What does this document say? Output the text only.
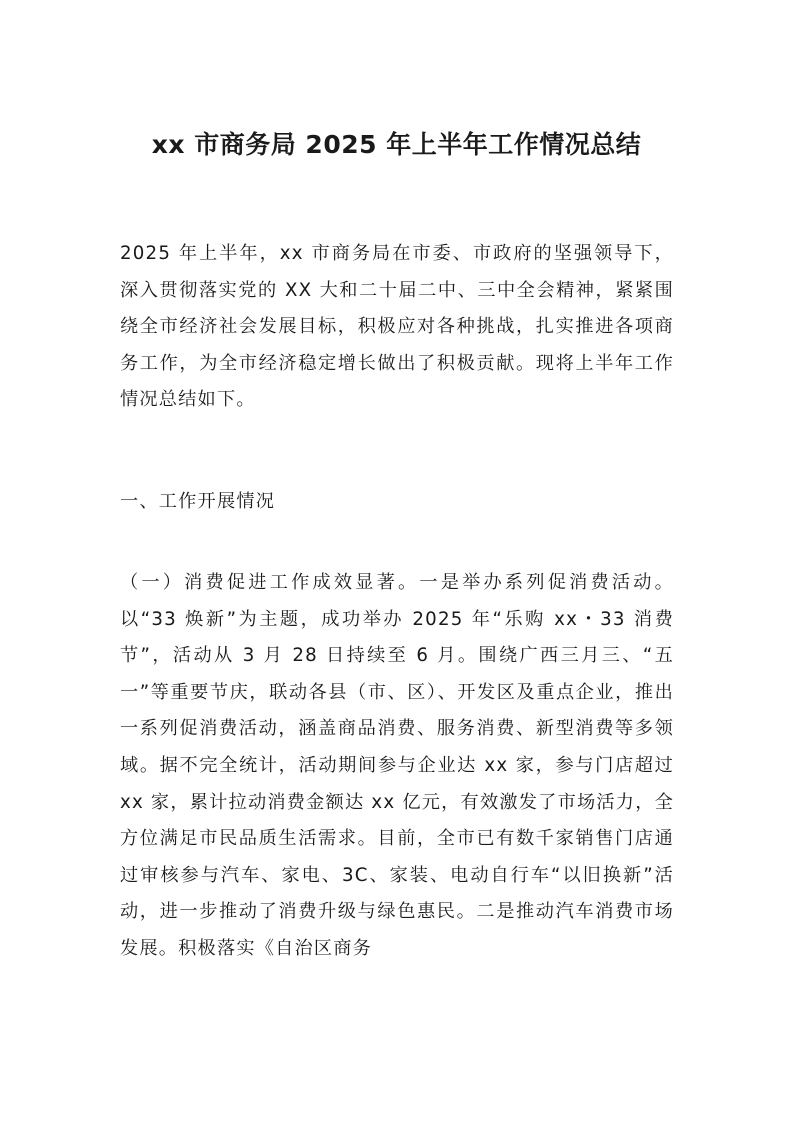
xx 市商务局 2025 年上半年工作情况总结

2025 年上半年，xx 市商务局在市委、市政府的坚强领导下，深入贯彻落实党的 XX 大和二十届二中、三中全会精神，紧紧围绕全市经济社会发展目标，积极应对各种挑战，扎实推进各项商务工作，为全市经济稳定增长做出了积极贡献。现将上半年工作情况总结如下。

一、工作开展情况

（一）消费促进工作成效显著。一是举办系列促消费活动。以“33 焕新”为主题，成功举办 2025 年“乐购 xx・33 消费节”，活动从 3 月 28 日持续至 6 月。围绕广西三月三、“五一”等重要节庆，联动各县（市、区）、开发区及重点企业，推出一系列促消费活动，涵盖商品消费、服务消费、新型消费等多领域。据不完全统计，活动期间参与企业达 xx 家，参与门店超过 xx 家，累计拉动消费金额达 xx 亿元，有效激发了市场活力，全方位满足市民品质生活需求。目前，全市已有数千家销售门店通过审核参与汽车、家电、3C、家装、电动自行车“以旧换新”活动，进一步推动了消费升级与绿色惠民。二是推动汽车消费市场发展。积极落实《自治区商务
